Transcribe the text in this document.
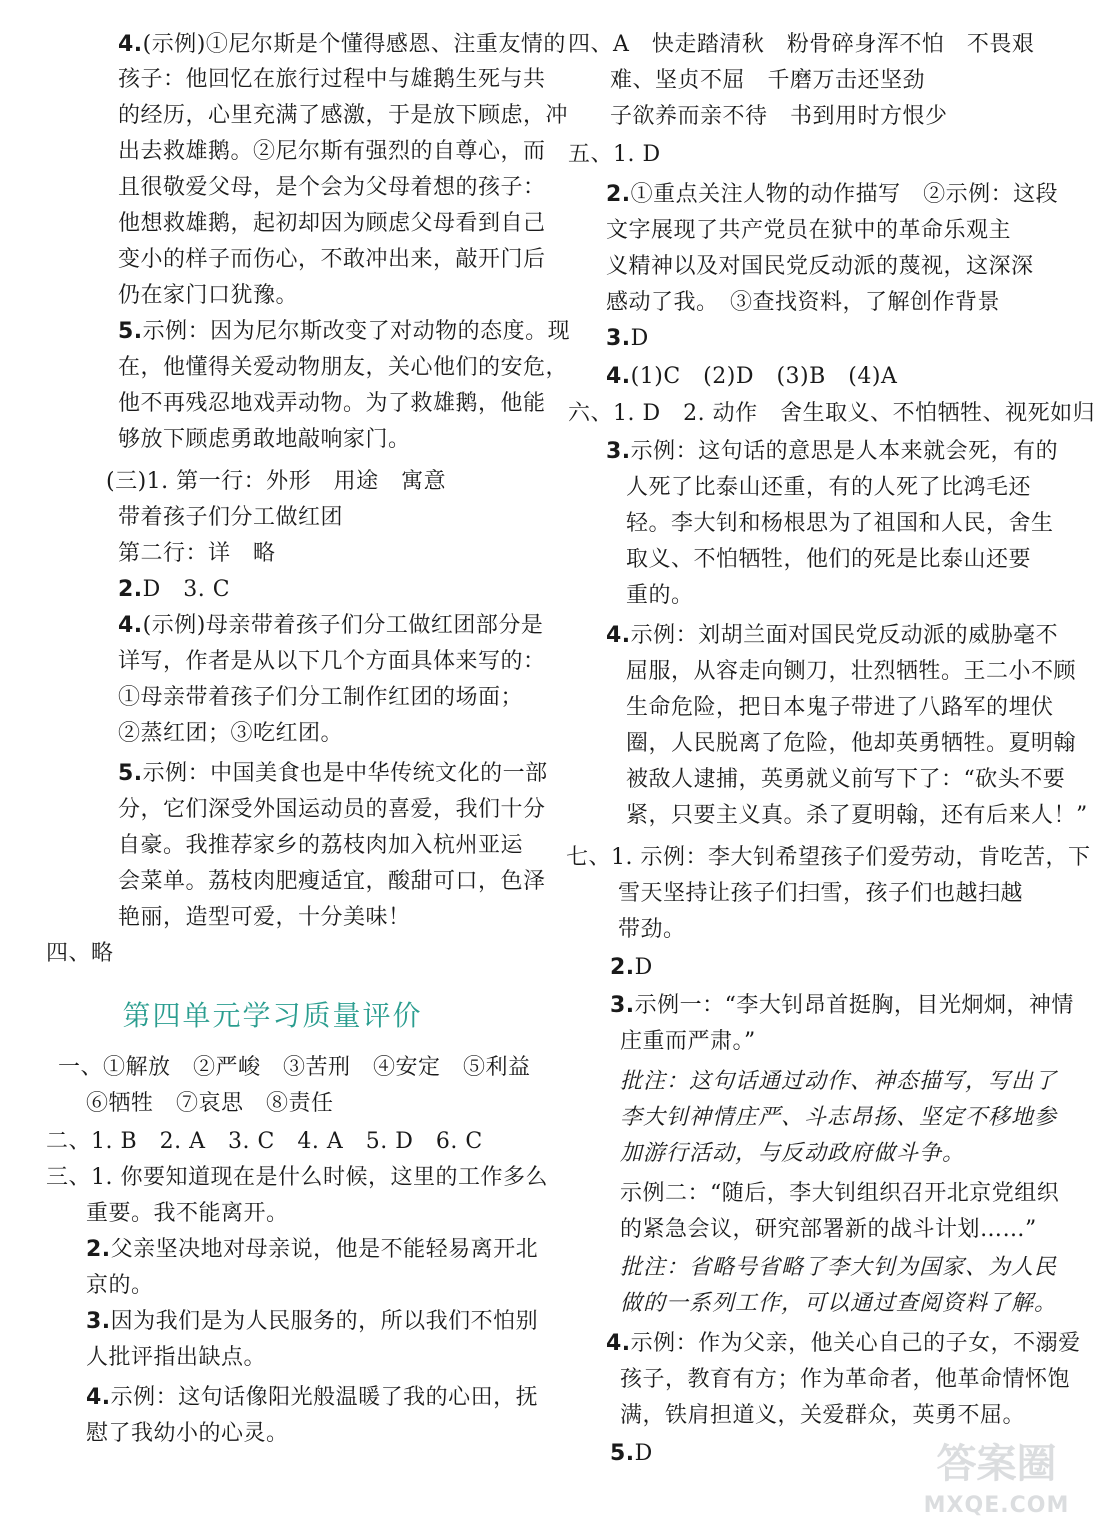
4.(示例)①尼尔斯是个懂得感恩、注重友情的
孩子：他回忆在旅行过程中与雄鹅生死与共
的经历，心里充满了感激，于是放下顾虑，冲
出去救雄鹅。②尼尔斯有强烈的自尊心，而
且很敬爱父母，是个会为父母着想的孩子：
他想救雄鹅，起初却因为顾虑父母看到自己
变小的样子而伤心，不敢冲出来，敲开门后
仍在家门口犹豫。
5.示例：因为尼尔斯改变了对动物的态度。现
在，他懂得关爱动物朋友，关心他们的安危，
他不再残忍地戏弄动物。为了救雄鹅，他能
够放下顾虑勇敢地敲响家门。
(三)1. 第一行：外形　用途　寓意
带着孩子们分工做红团
第二行：详　略
2.D　3. C
4.(示例)母亲带着孩子们分工做红团部分是
详写，作者是从以下几个方面具体来写的：
①母亲带着孩子们分工制作红团的场面；
②蒸红团；③吃红团。
5.示例：中国美食也是中华传统文化的一部
分，它们深受外国运动员的喜爱，我们十分
自豪。我推荐家乡的荔枝肉加入杭州亚运
会菜单。荔枝肉肥瘦适宜，酸甜可口，色泽
艳丽，造型可爱，十分美味！
四、略
一、①解放　②严峻　③苦刑　④安定　⑤利益
⑥牺牲　⑦哀思　⑧责任
二、1. B　2. A　3. C　4. A　5. D　6. C
三、1. 你要知道现在是什么时候，这里的工作多么
重要。我不能离开。
2.父亲坚决地对母亲说，他是不能轻易离开北
京的。
3.因为我们是为人民服务的，所以我们不怕别
人批评指出缺点。
4.示例：这句话像阳光般温暖了我的心田，抚
慰了我幼小的心灵。
第四单元学习质量评价
四、A　快走踏清秋　粉骨碎身浑不怕　不畏艰
难、坚贞不屈　千磨万击还坚劲
子欲养而亲不待　书到用时方恨少
五、1. D
2.①重点关注人物的动作描写　②示例：这段
文字展现了共产党员在狱中的革命乐观主
义精神以及对国民党反动派的蔑视，这深深
感动了我。　③查找资料，了解创作背景
3.D
4.(1)C　(2)D　(3)B　(4)A
六、1. D　2. 动作　舍生取义、不怕牺牲、视死如归
3.示例：这句话的意思是人本来就会死，有的
人死了比泰山还重，有的人死了比鸿毛还
轻。李大钊和杨根思为了祖国和人民，舍生
取义、不怕牺牲，他们的死是比泰山还要
重的。
4.示例：刘胡兰面对国民党反动派的威胁毫不
屈服，从容走向铡刀，壮烈牺牲。王二小不顾
生命危险，把日本鬼子带进了八路军的埋伏
圈，人民脱离了危险，他却英勇牺牲。夏明翰
被敌人逮捕，英勇就义前写下了：“砍头不要
紧，只要主义真。杀了夏明翰，还有后来人！”
七、1. 示例：李大钊希望孩子们爱劳动，肯吃苦，下
雪天坚持让孩子们扫雪，孩子们也越扫越
带劲。
2.D
3.示例一：“李大钊昂首挺胸，目光炯炯，神情
庄重而严肃。”
批注：这句话通过动作、神态描写，写出了
李大钊神情庄严、斗志昂扬、坚定不移地参
加游行活动，与反动政府做斗争。
示例二：“随后，李大钊组织召开北京党组织
的紧急会议，研究部署新的战斗计划……”
批注：省略号省略了李大钊为国家、为人民
做的一系列工作，可以通过查阅资料了解。
4.示例：作为父亲，他关心自己的子女，不溺爱
孩子，教育有方；作为革命者，他革命情怀饱
满，铁肩担道义，关爱群众，英勇不屈。
5.D	答案圈
MXQE.COM
